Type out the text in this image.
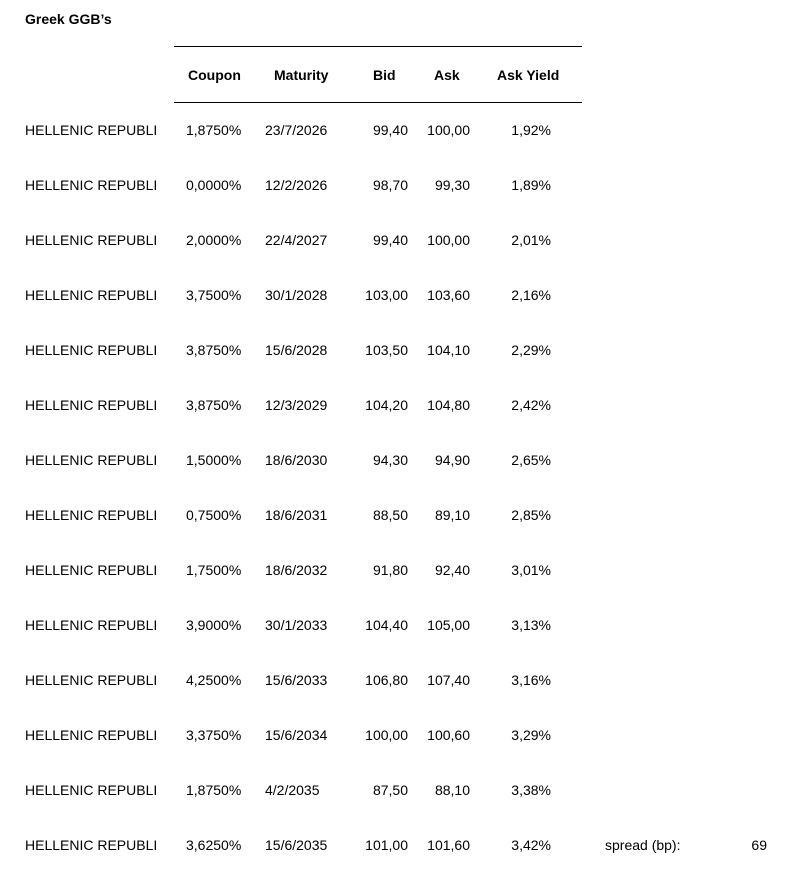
Greek GGB’s
Coupon Maturity	Bid	Ask	Ask Yield
HELLENIC REPUBLI 1,8750% 23/7/2026	99,40	100,00	1,92%
HELLENIC REPUBLI 0,0000% 12/2/2026	98,70	99,30	1,89%
HELLENIC REPUBLI 2,0000% 22/4/2027	99,40	100,00	2,01%
HELLENIC REPUBLI 3,7500% 30/1/2028	103,00	103,60	2,16%
HELLENIC REPUBLI 3,8750% 15/6/2028	103,50	104,10	2,29%
HELLENIC REPUBLI 3,8750% 12/3/2029	104,20	104,80	2,42%
HELLENIC REPUBLI 1,5000% 18/6/2030	94,30	94,90	2,65%
HELLENIC REPUBLI 0,7500% 18/6/2031	88,50	89,10	2,85%
HELLENIC REPUBLI 1,7500% 18/6/2032	91,80	92,40	3,01%
HELLENIC REPUBLI 3,9000% 30/1/2033	104,40	105,00	3,13%
HELLENIC REPUBLI 4,2500% 15/6/2033	106,80	107,40	3,16%
HELLENIC REPUBLI 3,3750% 15/6/2034	100,00	100,60	3,29%
HELLENIC REPUBLI 1,8750% 4/2/2035	87,50	88,10	3,38%
HELLENIC REPUBLI 3,6250% 15/6/2035	101,00	101,60	3,42%	spread (bp):	69
